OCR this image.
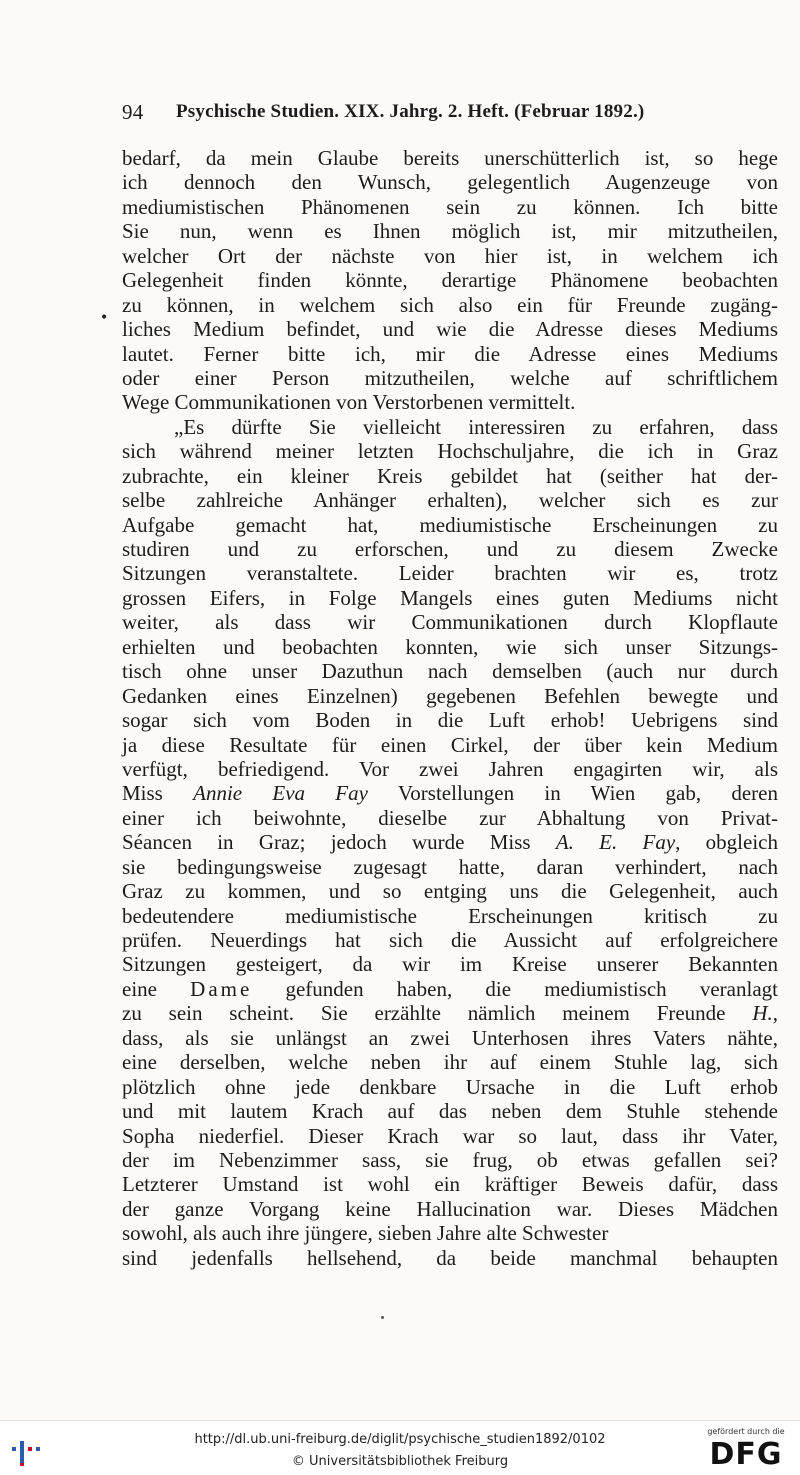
94 Psychische Studien. XIX. Jahrg. 2. Heft. (Februar 1892.)
•
bedarf, da mein Glaube bereits unerschütterlich ist, so hege
ich dennoch den Wunsch, gelegentlich Augenzeuge von
mediumistischen Phänomenen sein zu können. Ich bitte
Sie nun, wenn es Ihnen möglich ist, mir mitzutheilen,
welcher Ort der nächste von hier ist, in welchem ich
Gelegenheit finden könnte, derartige Phänomene beobachten
zu können, in welchem sich also ein für Freunde zugäng-
liches Medium befindet, und wie die Adresse dieses Mediums
lautet. Ferner bitte ich, mir die Adresse eines Mediums
oder einer Person mitzutheilen, welche auf schriftlichem
Wege Communikationen von Verstorbenen vermittelt.
„Es dürfte Sie vielleicht interessiren zu erfahren, dass
sich während meiner letzten Hochschuljahre, die ich in Graz
zubrachte, ein kleiner Kreis gebildet hat (seither hat der-
selbe zahlreiche Anhänger erhalten), welcher sich es zur
Aufgabe gemacht hat, mediumistische Erscheinungen zu
studiren und zu erforschen, und zu diesem Zwecke
Sitzungen veranstaltete. Leider brachten wir es, trotz
grossen Eifers, in Folge Mangels eines guten Mediums nicht
weiter, als dass wir Communikationen durch Klopflaute
erhielten und beobachten konnten, wie sich unser Sitzungs-
tisch ohne unser Dazuthun nach demselben (auch nur durch
Gedanken eines Einzelnen) gegebenen Befehlen bewegte und
sogar sich vom Boden in die Luft erhob! Uebrigens sind
ja diese Resultate für einen Cirkel, der über kein Medium
verfügt, befriedigend. Vor zwei Jahren engagirten wir, als
Miss Annie Eva Fay Vorstellungen in Wien gab, deren
einer ich beiwohnte, dieselbe zur Abhaltung von Privat-
Séancen in Graz; jedoch wurde Miss A. E. Fay, obgleich
sie bedingungsweise zugesagt hatte, daran verhindert, nach
Graz zu kommen, und so entging uns die Gelegenheit, auch
bedeutendere mediumistische Erscheinungen kritisch zu
prüfen. Neuerdings hat sich die Aussicht auf erfolgreichere
Sitzungen gesteigert, da wir im Kreise unserer Bekannten
eine Dame gefunden haben, die mediumistisch veranlagt
zu sein scheint. Sie erzählte nämlich meinem Freunde H.,
dass, als sie unlängst an zwei Unterhosen ihres Vaters nähte,
eine derselben, welche neben ihr auf einem Stuhle lag, sich
plötzlich ohne jede denkbare Ursache in die Luft erhob
und mit lautem Krach auf das neben dem Stuhle stehende
Sopha niederfiel. Dieser Krach war so laut, dass ihr Vater,
der im Nebenzimmer sass, sie frug, ob etwas gefallen sei?
Letzterer Umstand ist wohl ein kräftiger Beweis dafür, dass
der ganze Vorgang keine Hallucination war. Dieses Mädchen
sowohl, als auch ihre jüngere, sieben Jahre alte Schwester
sind jedenfalls hellsehend, da beide manchmal behaupten
http://dl.ub.uni-freiburg.de/diglit/psychische_studien1892/0102
© Universitätsbibliothek Freiburg
gefördert durch die
DFG
